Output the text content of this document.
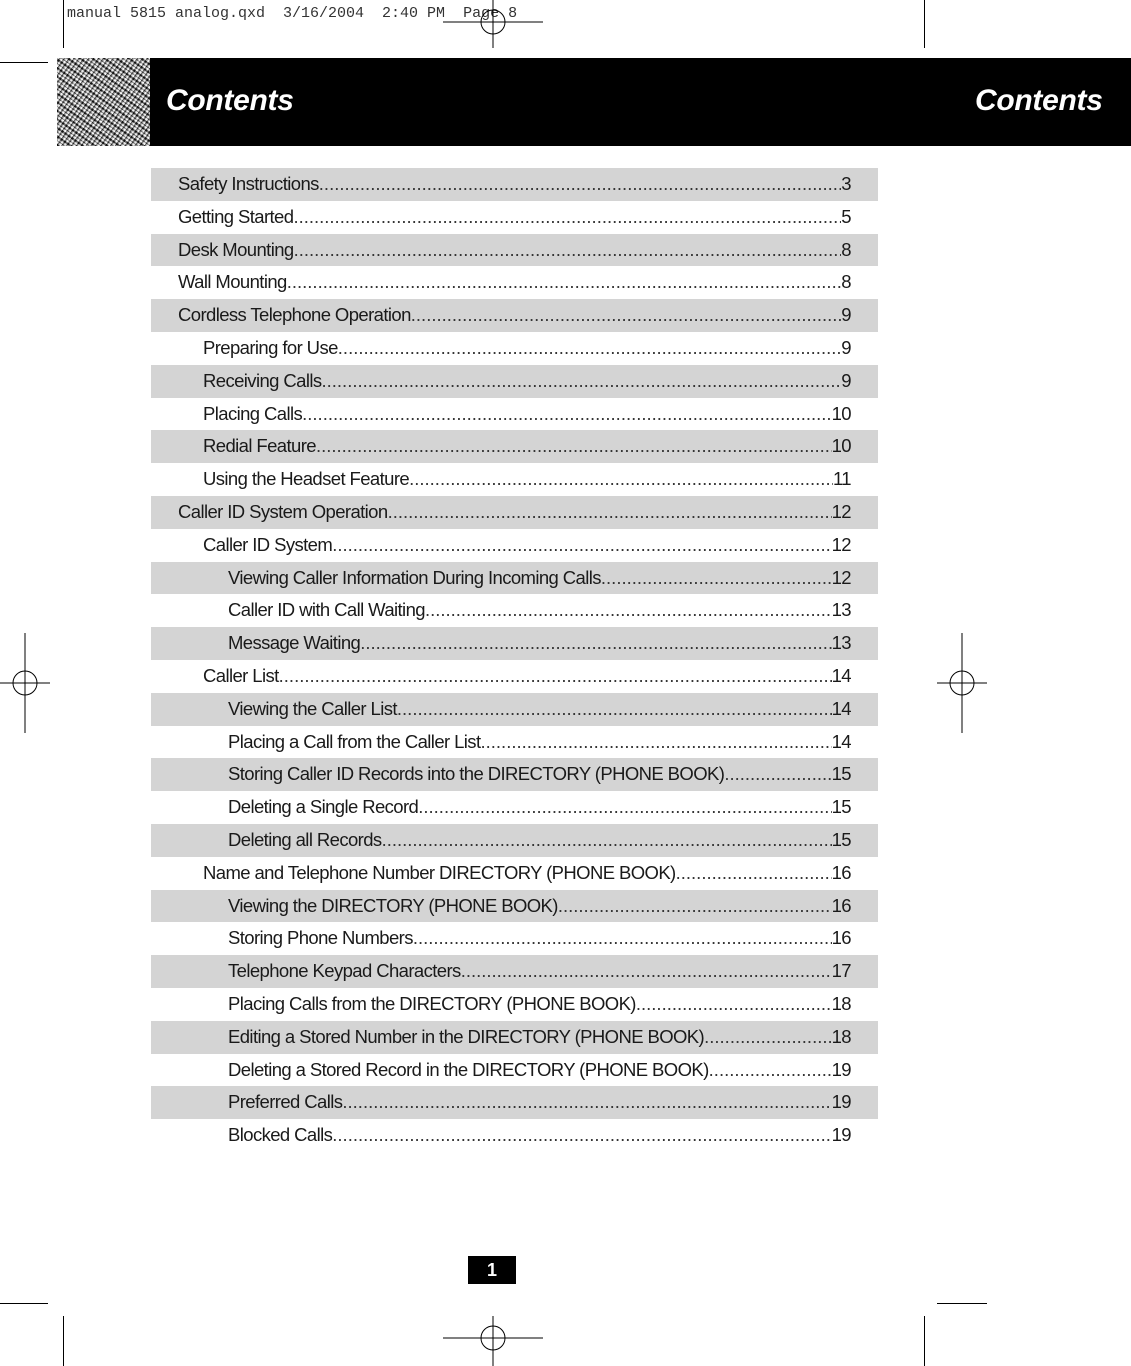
manual 5815 analog.qxd  3/16/2004  2:40 PM  Page 8
Contents	Contents
Safety Instructions .....	3
Getting Started .....	5
Desk Mounting .....	8
Wall Mounting .....	8
Cordless Telephone Operation .....	9
Preparing for Use .....	9
Receiving Calls .....	9
Placing Calls .....	10
Redial Feature .....	10
Using the Headset Feature .....	11
Caller ID System Operation .....	12
Caller ID System .....	12
Viewing Caller Information During Incoming Calls .....	12
Caller ID with Call Waiting .....	13
Message Waiting .....	13
Caller List .....	14
Viewing the Caller List .....	14
Placing a Call from the Caller List .....	14
Storing Caller ID Records into the DIRECTORY (PHONE BOOK) .....	15
Deleting a Single Record .....	15
Deleting all Records .....	15
Name and Telephone Number DIRECTORY (PHONE BOOK) .....	16
Viewing the DIRECTORY (PHONE BOOK) .....	16
Storing Phone Numbers .....	16
Telephone Keypad Characters .....	17
Placing Calls from the DIRECTORY (PHONE BOOK) .....	18
Editing a Stored Number in the DIRECTORY (PHONE BOOK) .....	18
Deleting a Stored Record in the DIRECTORY (PHONE BOOK) .....	19
Preferred Calls .....	19
Blocked Calls .....	19
1
